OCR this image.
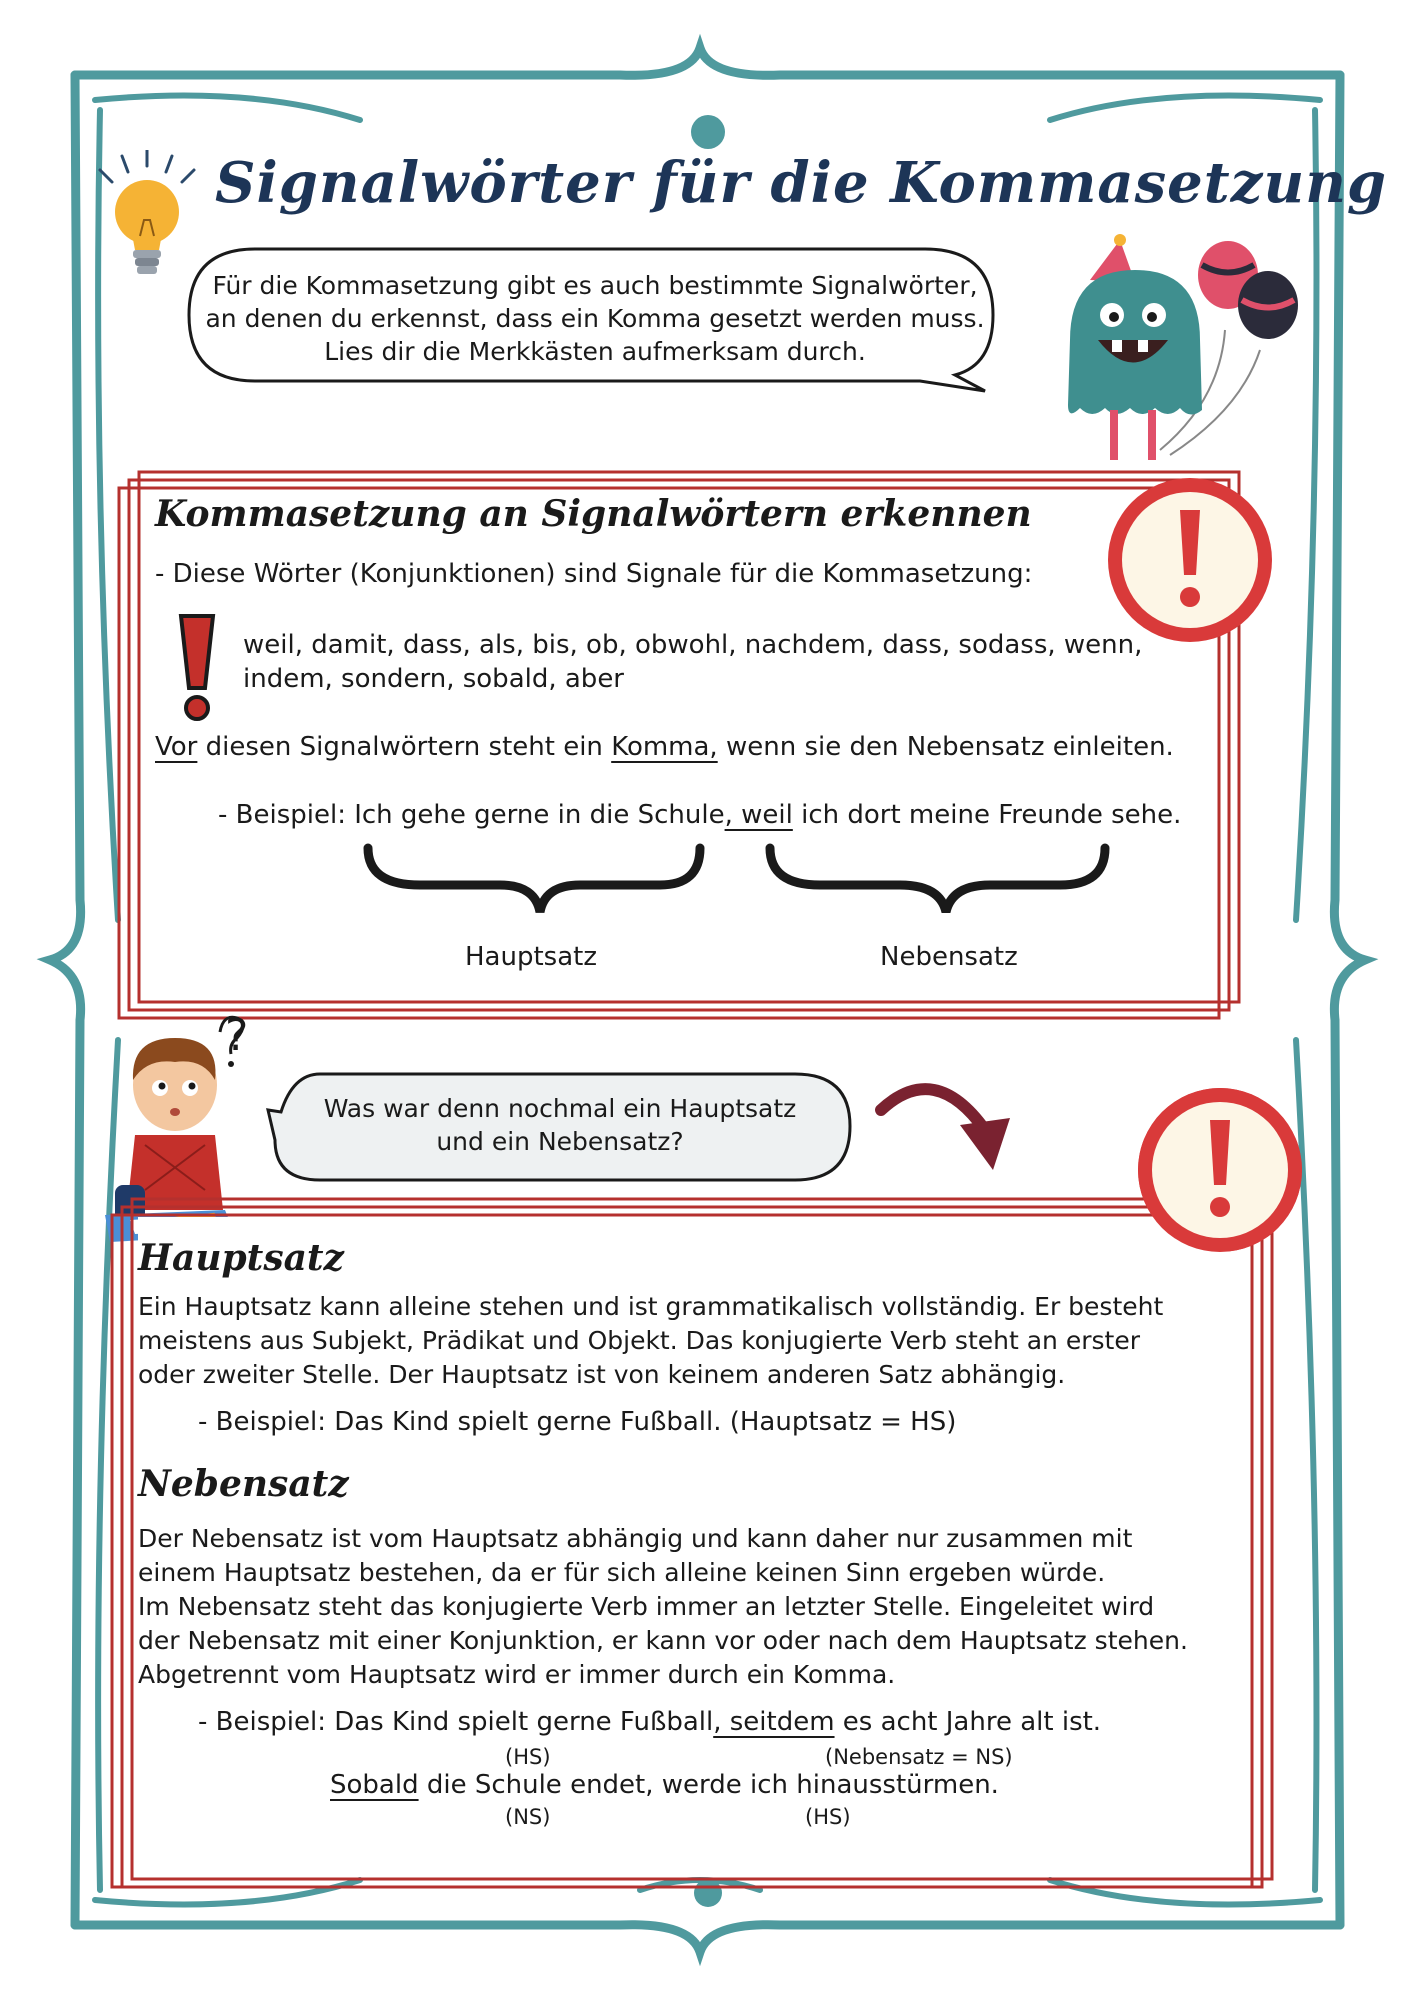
Signalwörter für die Kommasetzung
Für die Kommasetzung gibt es auch bestimmte Signalwörter,
an denen du erkennst, dass ein Komma gesetzt werden muss.
Lies dir die Merkkästen aufmerksam durch.
Kommasetzung an Signalwörtern erkennen
- Diese Wörter (Konjunktionen) sind Signale für die Kommasetzung:
weil, damit, dass, als, bis, ob, obwohl, nachdem, dass, sodass, wenn,
indem, sondern, sobald, aber
Vor diesen Signalwörtern steht ein Komma, wenn sie den Nebensatz einleiten.
- Beispiel: Ich gehe gerne in die Schule, weil ich dort meine Freunde sehe.
Hauptsatz	Nebensatz
?
Was war denn nochmal ein Hauptsatz
und ein Nebensatz?
Hauptsatz
Ein Hauptsatz kann alleine stehen und ist grammatikalisch vollständig. Er besteht
meistens aus Subjekt, Prädikat und Objekt. Das konjugierte Verb steht an erster
oder zweiter Stelle. Der Hauptsatz ist von keinem anderen Satz abhängig.
- Beispiel: Das Kind spielt gerne Fußball. (Hauptsatz = HS)
Nebensatz
Der Nebensatz ist vom Hauptsatz abhängig und kann daher nur zusammen mit
einem Hauptsatz bestehen, da er für sich alleine keinen Sinn ergeben würde.
Im Nebensatz steht das konjugierte Verb immer an letzter Stelle. Eingeleitet wird
der Nebensatz mit einer Konjunktion, er kann vor oder nach dem Hauptsatz stehen.
Abgetrennt vom Hauptsatz wird er immer durch ein Komma.
- Beispiel: Das Kind spielt gerne Fußball, seitdem es acht Jahre alt ist.
(HS)	(Nebensatz = NS)
Sobald die Schule endet, werde ich hinausstürmen.
(NS)	(HS)
